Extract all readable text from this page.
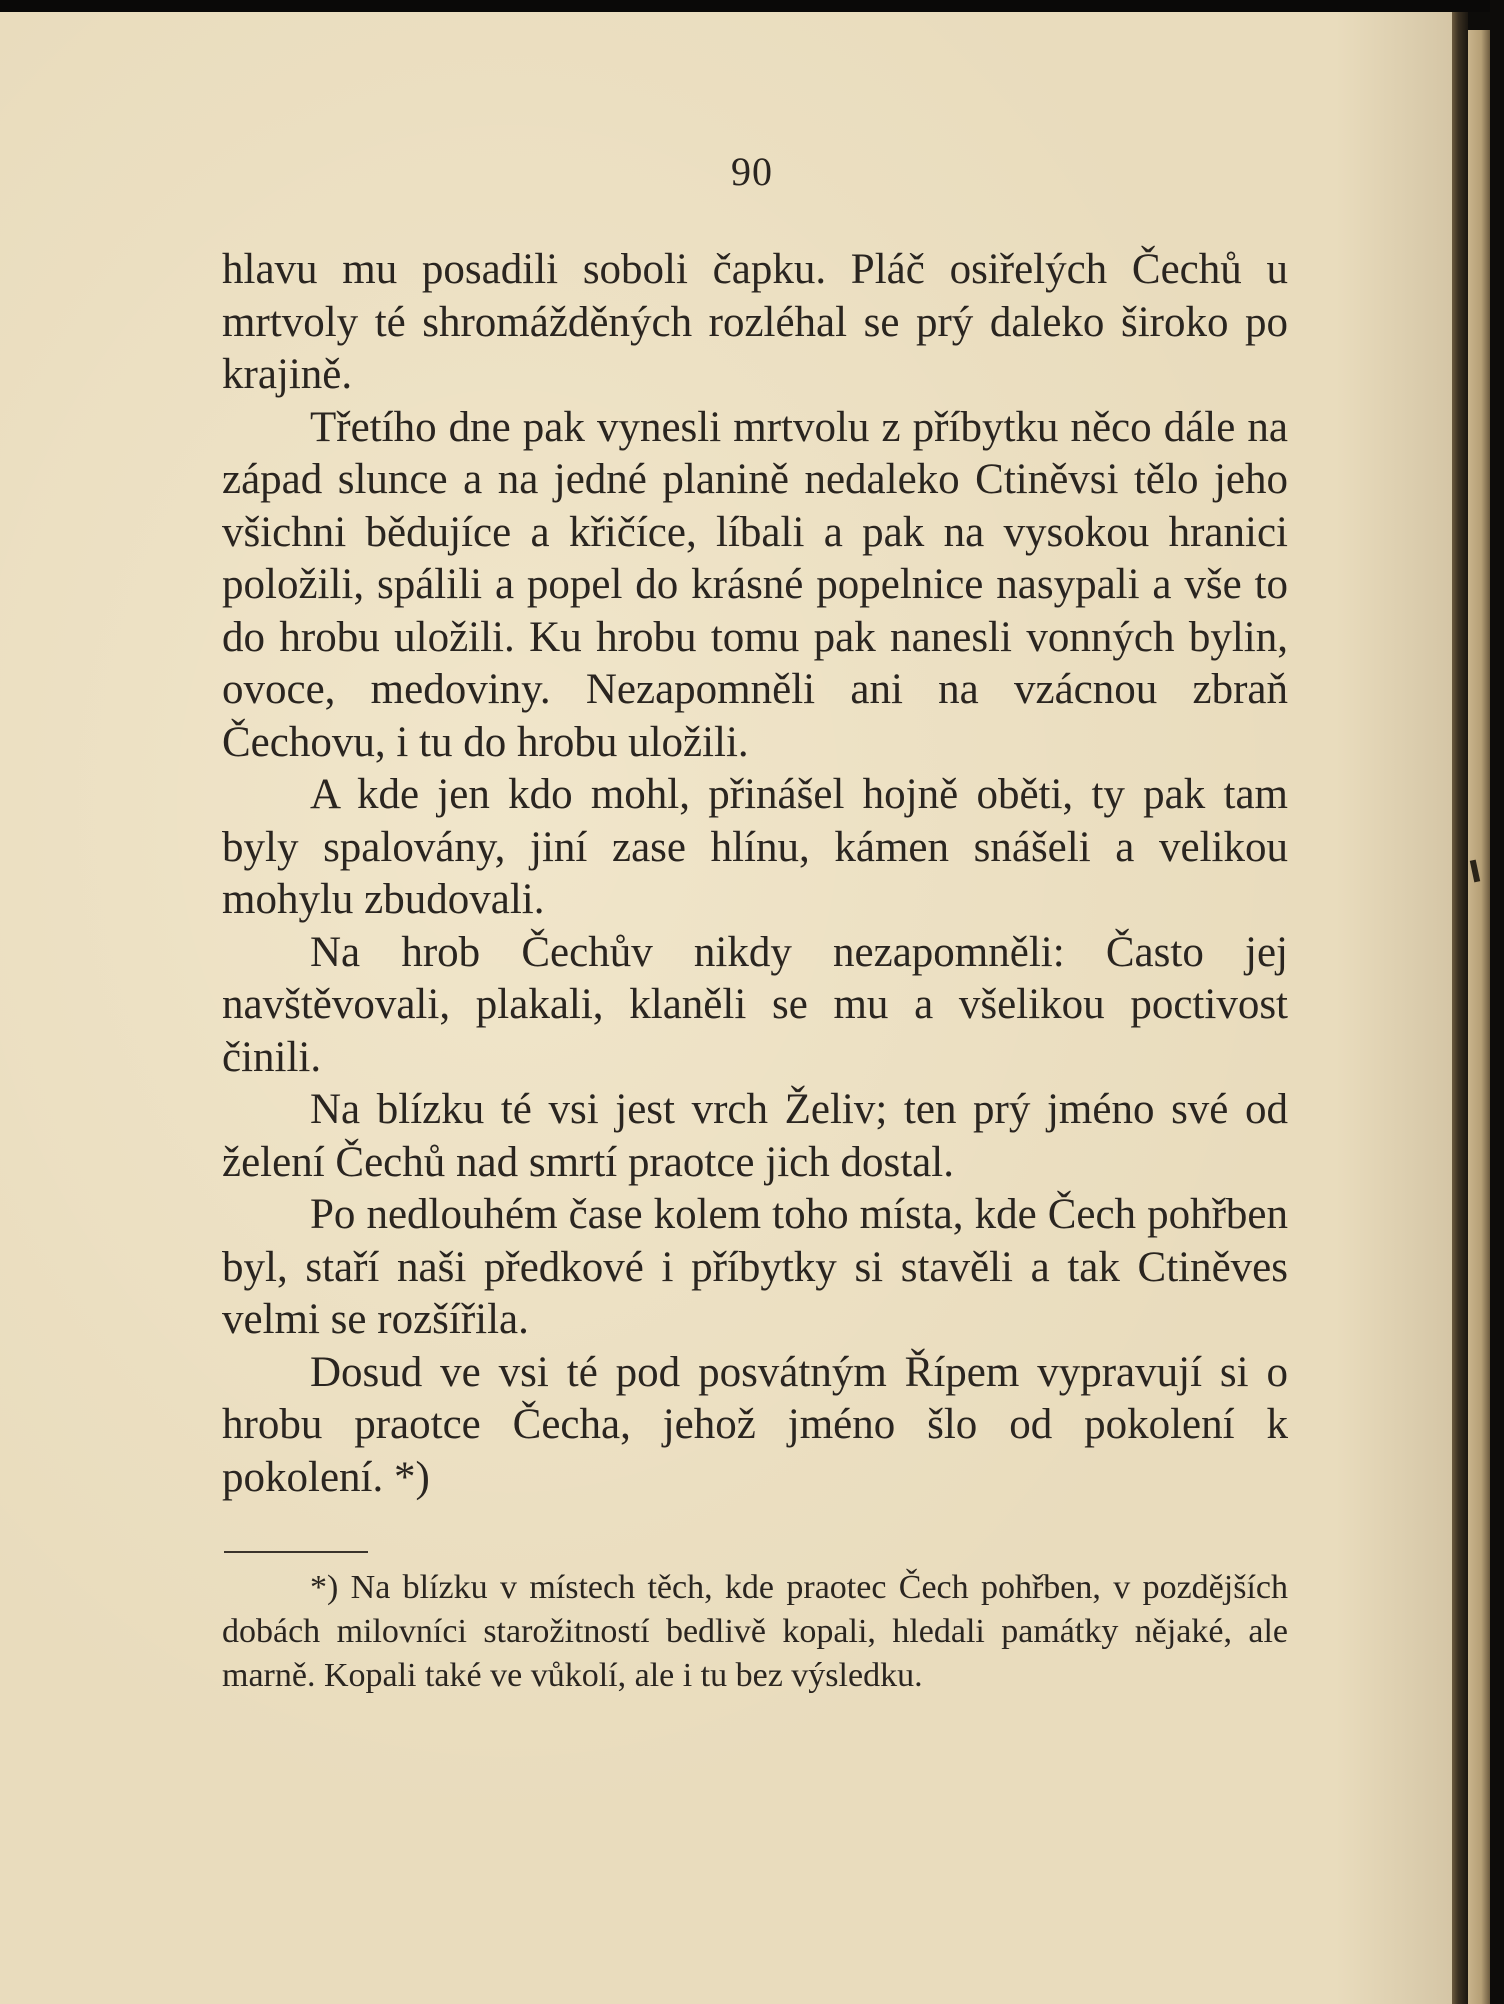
90

hlavu mu posadili soboli čapku. Pláč osiřelých Čechů u mrtvoly té shromážděných rozléhal se prý daleko široko po krajině.

Třetího dne pak vynesli mrtvolu z příbytku něco dále na západ slunce a na jedné planině nedaleko Ctiněvsi tělo jeho všichni bědujíce a křičíce, líbali a pak na vysokou hranici položili, spálili a popel do krásné popelnice nasypali a vše to do hrobu uložili. Ku hrobu tomu pak nanesli vonných bylin, ovoce, medoviny. Nezapomněli ani na vzácnou zbraň Čechovu, i tu do hrobu uložili.

A kde jen kdo mohl, přinášel hojně oběti, ty pak tam byly spalovány, jiní zase hlínu, kámen snášeli a velikou mohylu zbudovali.

Na hrob Čechův nikdy nezapomněli: Často jej navštěvovali, plakali, klaněli se mu a všelikou poctivost činili.

Na blízku té vsi jest vrch Želiv; ten prý jméno své od želení Čechů nad smrtí praotce jich dostal.

Po nedlouhém čase kolem toho místa, kde Čech pohřben byl, staří naši předkové i příbytky si stavěli a tak Ctiněves velmi se rozšířila.

Dosud ve vsi té pod posvátným Řípem vypravují si o hrobu praotce Čecha, jehož jméno šlo od pokolení k pokolení. *)

*) Na blízku v místech těch, kde praotec Čech pohřben, v pozdějších dobách milovníci starožitností bedlivě kopali, hledali památky nějaké, ale marně. Kopali také ve vůkolí, ale i tu bez výsledku.
